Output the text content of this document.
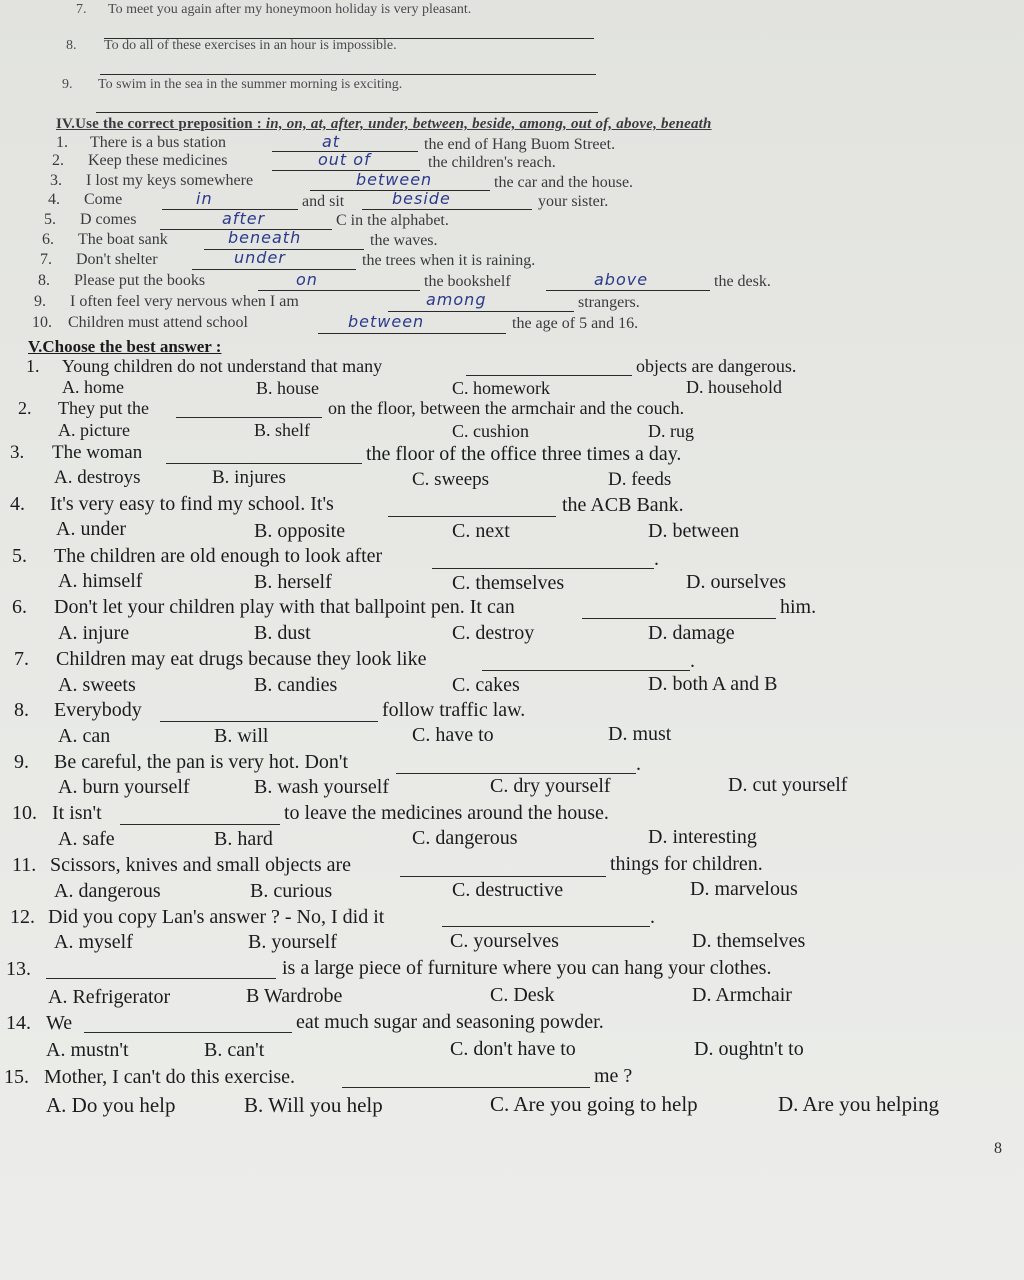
7. To meet you again after my honeymoon holiday is very pleasant.
8. To do all of these exercises in an hour is impossible.
9. To swim in the sea in the summer morning is exciting.
IV.Use the correct preposition : in, on, at, after, under, between, beside, among, out of, above, beneath
1. There is a bus station	at	the end of Hang Buom Street.
2. Keep these medicines	out of	the children's reach.
3. I lost my keys somewhere	between	the car and the house.
4. Come	in	and sit	beside	your sister.
5. D comes	after	C in the alphabet.
6. The boat sank	beneath	the waves.
7. Don't shelter	under	the trees when it is raining.
8. Please put the books	on	the bookshelf	above	the desk.
9. I often feel very nervous when I am	among	strangers.
10. Children must attend school	between	the age of 5 and 16.
V.Choose the best answer :
1. Young children do not understand that many	objects are dangerous.
A. home	B. house	C. homework	D. household
2. They put the	on the floor, between the armchair and the couch.
A. picture	B. shelf	C. cushion	D. rug
3. The woman	the floor of the office three times a day.
A. destroys	B. injures	C. sweeps	D. feeds
4. It's very easy to find my school. It's	the ACB Bank.
A. under	B. opposite	C. next	D. between
5. The children are old enough to look after	.
A. himself	B. herself	C. themselves	D. ourselves
6. Don't let your children play with that ballpoint pen. It can	him.
A. injure	B. dust	C. destroy	D. damage
7. Children may eat drugs because they look like	.
A. sweets	B. candies	C. cakes	D. both A and B
8. Everybody	follow traffic law.
A. can	B. will	C. have to	D. must
9. Be careful, the pan is very hot. Don't	.
A. burn yourself	B. wash yourself	C. dry yourself	D. cut yourself
10. It isn't	to leave the medicines around the house.
A. safe	B. hard	C. dangerous	D. interesting
11. Scissors, knives and small objects are	things for children.
A. dangerous	B. curious	C. destructive	D. marvelous
12. Did you copy Lan's answer ? - No, I did it	.
A. myself	B. yourself	C. yourselves	D. themselves
13.	is a large piece of furniture where you can hang your clothes.
A. Refrigerator	B Wardrobe	C. Desk	D. Armchair
14. We	eat much sugar and seasoning powder.
A. mustn't	B. can't	C. don't have to	D. oughtn't to
15. Mother, I can't do this exercise.	me ?
A. Do you help	B. Will you help	C. Are you going to help	D. Are you helping
8
